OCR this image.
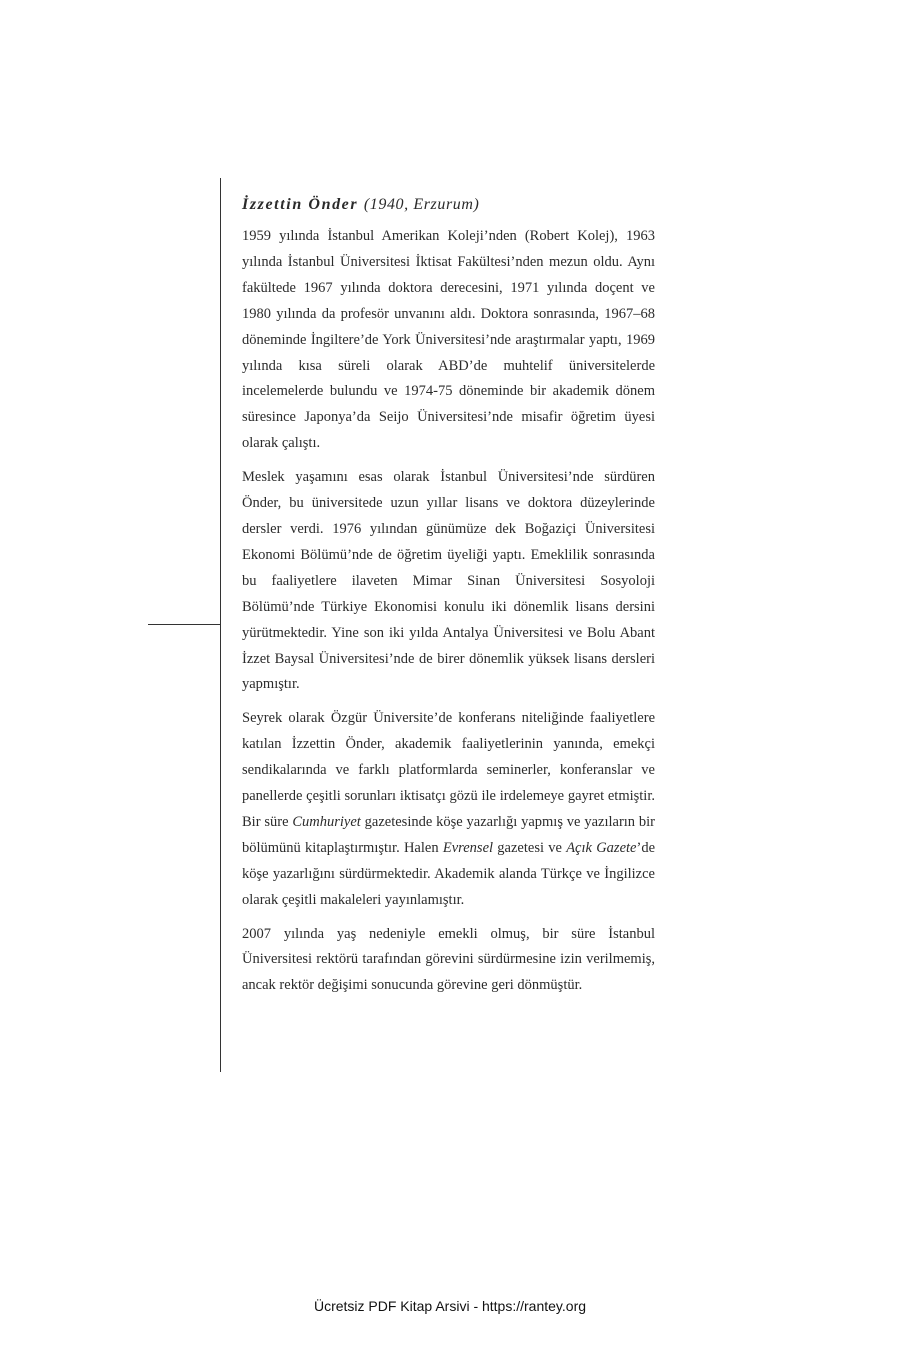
İzzettin Önder (1940, Erzurum)

1959 yılında İstanbul Amerikan Koleji’nden (Robert Kolej), 1963 yılında İstanbul Üniversitesi İktisat Fakültesi’nden mezun oldu. Aynı fakültede 1967 yılında doktora derecesini, 1971 yılında doçent ve 1980 yılında da profesör unvanını aldı. Doktora sonrasında, 1967–68 döneminde İngiltere’de York Üniversitesi’nde araştırmalar yaptı, 1969 yılında kısa süreli olarak ABD’de muhtelif üniversitelerde incelemelerde bulundu ve 1974-75 döneminde bir akademik dönem süresince Japonya’da Seijo Üniversitesi’nde misafir öğretim üyesi olarak çalıştı.

Meslek yaşamını esas olarak İstanbul Üniversitesi’nde sürdüren Önder, bu üniversitede uzun yıllar lisans ve doktora düzeylerinde dersler verdi. 1976 yılından günümüze dek Boğaziçi Üniversitesi Ekonomi Bölümü’nde de öğretim üyeliği yaptı. Emeklilik sonrasında bu faaliyetlere ilaveten Mimar Sinan Üniversitesi Sosyoloji Bölümü’nde Türkiye Ekonomisi konulu iki dönemlik lisans dersini yürütmektedir. Yine son iki yılda Antalya Üniversitesi ve Bolu Abant İzzet Baysal Üniversitesi’nde de birer dönemlik yüksek lisans dersleri yapmıştır.

Seyrek olarak Özgür Üniversite’de konferans niteliğinde faaliyetlere katılan İzzettin Önder, akademik faaliyetlerinin yanında, emekçi sendikalarında ve farklı platformlarda seminerler, konferanslar ve panellerde çeşitli sorunları iktisatçı gözü ile irdelemeye gayret etmiştir. Bir süre Cumhuriyet gazetesinde köşe yazarlığı yapmış ve yazıların bir bölümünü kitaplaştırmıştır. Halen Evrensel gazetesi ve Açık Gazete’de köşe yazarlığını sürdürmektedir. Akademik alanda Türkçe ve İngilizce olarak çeşitli makaleleri yayınlamıştır.

2007 yılında yaş nedeniyle emekli olmuş, bir süre İstanbul Üniversitesi rektörü tarafından görevini sürdürmesine izin verilmemiş, ancak rektör değişimi sonucunda görevine geri dönmüştür.

Ücretsiz PDF Kitap Arsivi - https://rantey.org
